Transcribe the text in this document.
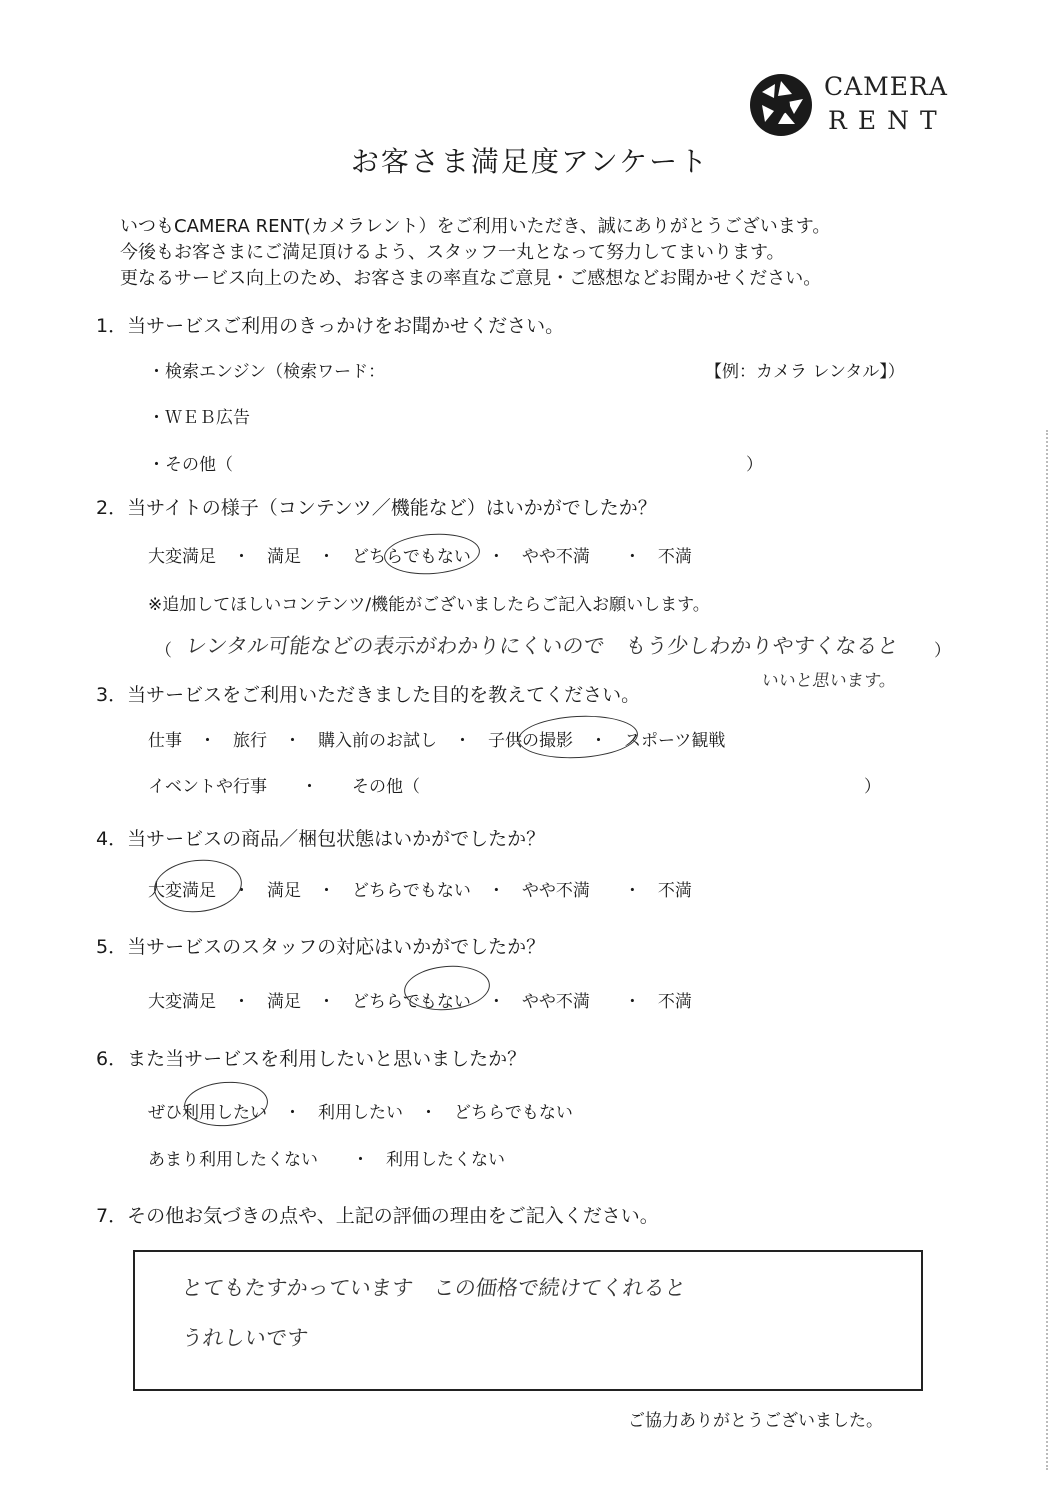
CAMERA
RENT
お客さま満足度アンケート
いつもCAMERA RENT(カメラレント）をご利用いただき、誠にありがとうございます。
今後もお客さまにご満足頂けるよう、スタッフ一丸となって努力してまいります。
更なるサービス向上のため、お客さまの率直なご意見・ご感想などお聞かせください。
1．当サービスご利用のきっかけをお聞かせください。
・検索エンジン（検索ワード：	【例：カメラ レンタル】）
・ＷＥＢ広告
・その他（	）
2．当サイトの様子（コンテンツ／機能など）はいかがでしたか？
大変満足　・　満足　・　どちらでもない　・　やや不満　　・　不満
※追加してほしいコンテンツ/機能がございましたらご記入お願いします。
（ レンタル可能などの表示がわかりにくいので　もう少しわかりやすくなると ）
いいと思います。
3．当サービスをご利用いただきました目的を教えてください。
仕事　・　旅行　・　購入前のお試し　・　子供の撮影　・　スポーツ観戦
イベントや行事　　・　　その他（	）
4．当サービスの商品／梱包状態はいかがでしたか？
大変満足　・　満足　・　どちらでもない　・　やや不満　　・　不満
5．当サービスのスタッフの対応はいかがでしたか？
大変満足　・　満足　・　どちらでもない　・　やや不満　　・　不満
6．また当サービスを利用したいと思いましたか？
ぜひ利用したい　・　利用したい　・　どちらでもない
あまり利用したくない　　・　利用したくない
7．その他お気づきの点や、上記の評価の理由をご記入ください。
とてもたすかっています　この価格で続けてくれると
うれしいです
ご協力ありがとうございました。
